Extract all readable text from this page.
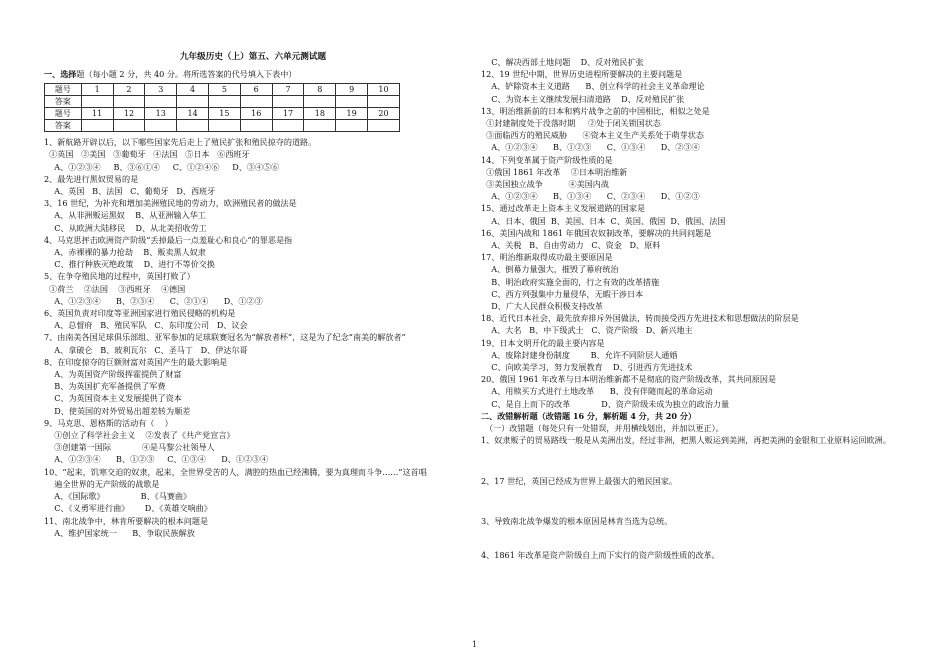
九年级历史（上）第五、六单元测试题
一、选择题（每小题 2 分，共 40 分。将所选答案的代号填入下表中）
题号	1	2	3	4	5	6	7	8	9	10
答案										
题号	11	12	13	14	15	16	17	18	19	20
答案										
1、新航路开辟以后，以下哪些国家先后走上了殖民扩张和殖民掠夺的道路。
①英国   ②美国   ③葡萄牙   ④法国   ⑤日本   ⑥西班牙
A、①②③④     B、③⑥①④     C、①②④⑥     D、③④⑤⑥
2、最先进行黑奴贸易的是
A、英国   B、法国   C、葡萄牙   D、西班牙
3、16 世纪，为补充和增加美洲殖民地的劳动力，欧洲殖民者的做法是
A、从非洲贩运黑奴    B、从亚洲输入华工
C、从欧洲大陆移民    D、从北美招收劳工
4、马克思抨击欧洲资产阶级“丢掉最后一点羞耻心和良心”的罪恶是指
A、赤裸裸的暴力抢劫    B、贩卖黑人奴隶
C、推行种族灭绝政策    D、进行不等价交换
5、在争夺殖民地的过程中，英国打败了）
①荷兰    ②法国    ③西班牙    ④德国
A、①②③④      B、②③④      C、②①④      D、①②③
6、英国负责对印度等亚洲国家进行殖民侵略的机构是
A、总督府   B、殖民军队   C、东印度公司   D、议会
7、由南美各国足球俱乐部组、亚军参加的足球联赛冠名为“解放者杯”，这是为了纪念“南美的解放者”
A、拿破仑   B、玻利瓦尔   C、圣马丁   D、伊达尔哥
8、在印度掠夺的巨额财富对英国产生的最大影响是
A、为英国资产阶级挥霍提供了财富
B、为英国扩充军备提供了军费
C、为英国资本主义发展提供了资本
D、使英国的对外贸易出超差转为顺差
9、马克思、恩格斯的活动有（    ）
①创立了科学社会主义    ②发表了《共产党宣言》
③创建第一国际            ④是马黎公社领导人
A、①②③④      B、①②③     C、①③④      D、①②③④
10、“起来，饥寒交迫的奴隶，起来，全世界受苦的人，满腔的热血已经沸腾，要为真理而斗争……”这首唱
遍全世界的无产阶级的战歌是
A、《国际歌》              B、《马赛曲》
C、《义勇军进行曲》      D、《英雄交响曲》
11、南北战争中，林肯所要解决的根本问题是
A、维护国家统一      B、争取民族解放
C、解决西部土地问题    D、反对殖民扩张
12、19 世纪中期，世界历史进程所要解决的主要问题是
A、铲除资本主义道路      B、创立科学的社会主义革命理论
C、为资本主义继续发展扫清道路    D、反对殖民扩张
13、明治维新前的日本和鸦片战争之前的中国相比，相似之处是
①封建制度处于没落时期     ②处于闭关锁国状态
③面临西方的殖民威胁      ④资本主义生产关系处于萌芽状态
A、①②③④      B、①②③      C、①③④      D、②③④
14、下列变革属于资产阶级性质的是
①俄国 1861 年改革    ②日本明治维新
③美国独立战争          ④美国内战
A、①②③④      B、①③④      C、②③④      D、①②③
15、通过改革走上资本主义发展道路的国家是
A、日本、俄国  B、美国、日本  C、英国、俄国  D、俄国、法国
16、美国内战和 1861 年俄国农奴制改革，要解决的共同问题是
A、关税   B、自由劳动力   C、资金   D、原料
17、明治维新取得成功最主要原因是
A、倒幕力量强大，摧毁了幕府统治
B、明治政府实施全面的，行之有效的改革措施
C、西方列强集中力量侵华，无暇干涉日本
D、广大人民群众积极支持改革
18、近代日本社会，最先放弃排斥外国做法，转而接受西方先进技术和思想做法的阶层是
A、大名   B、中下级武士   C、资产阶级   D、新兴地主
19、日本文明开化的最主要内容是
A、废除封建身份制度        B、允许不同阶层人通婚
C、向欧美学习，努力发展教育    D、引进西方先进技术
20、俄国 1961 年改革与日本明治维新都不是彻底的资产阶级改革，其共同原因是
A、用赎买方式进行土地改革      B、没有伴随而起的革命运动
C、是自上而下的改革            D、资产阶级未成为独立的政治力量
二、改错解析题（改错题 16 分，解析题 4 分，共 20 分）
（一）改错题（每处只有一处错误，并用横线划出，并加以更正）。
1、奴隶贩子的贸易路线一般是从美洲出发，经过非洲，把黑人贩运到美洲，再把美洲的金银和工业原料运回欧洲。
2、17 世纪，英国已经成为世界上最强大的殖民国家。
3、导致南北战争爆发的根本原因是林肯当选为总统。
4、1861 年改革是资产阶级自上而下实行的资产阶级性质的改革。
1
